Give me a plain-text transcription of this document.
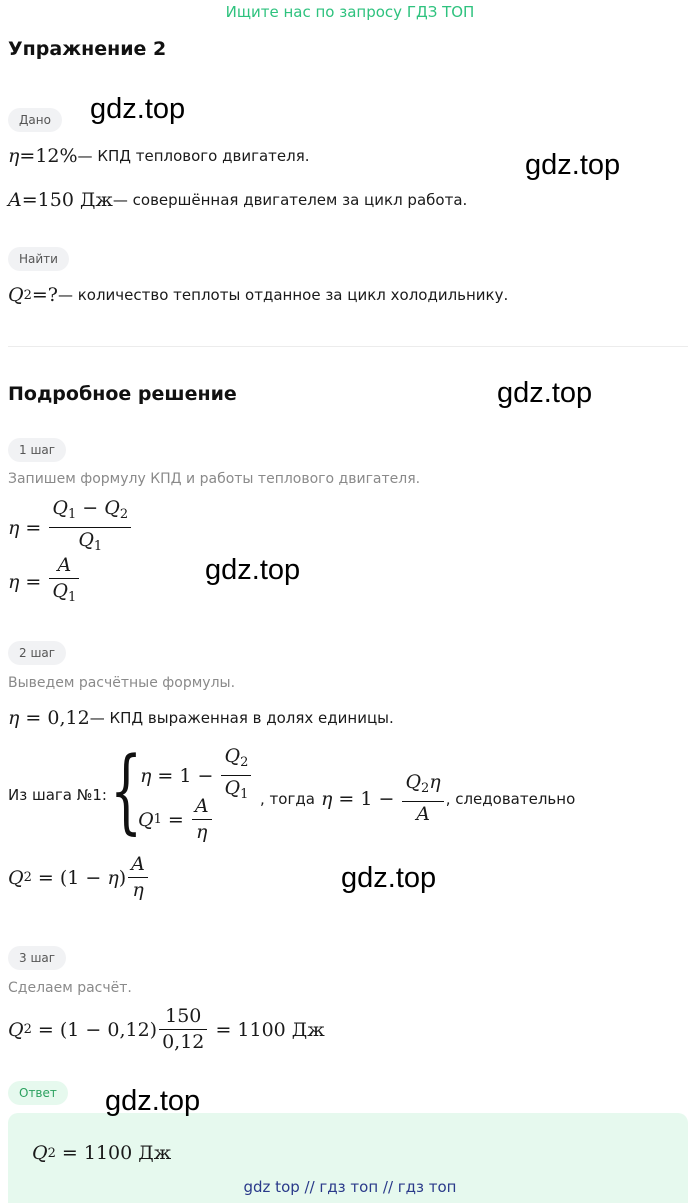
Ищите нас по запросу ГДЗ ТОП
Упражнение 2
Дано
η = 12% — КПД теплового двигателя.
A = 150 Дж — совершённая двигателем за цикл работа.
Найти
Q 2 =? — количество теплоты отданное за цикл холодильнику.
Подробное решение
1 шаг
Запишем формулу КПД и работы теплового двигателя.
$\eta = \frac{Q_1 - Q_2}{Q_1}$
$\eta = \frac{A}{Q_1}$
2 шаг
Выведем расчётные формулы.
η = 0,12 — КПД выраженная в долях единицы.
Из шага №1: {
$\eta = 1 - \frac{Q_2}{Q_1}$
Q $1 = \frac{A}{\eta}$	, тогда $\eta = 1 - \frac{Q_2\eta}{A}$ , следовательно
Q 2 = (1 − η ) $\frac{A}{\eta}$
3 шаг
Сделаем расчёт.
Q 2 = (1 − 0,12 ) $\frac{150}{0,12} = 1100$ Дж
Ответ
Q 2 = 1100 Дж
gdz.top
gdz.top
gdz.top
gdz.top
gdz.top
gdz.top
gdz top // гдз топ // гдз топ
